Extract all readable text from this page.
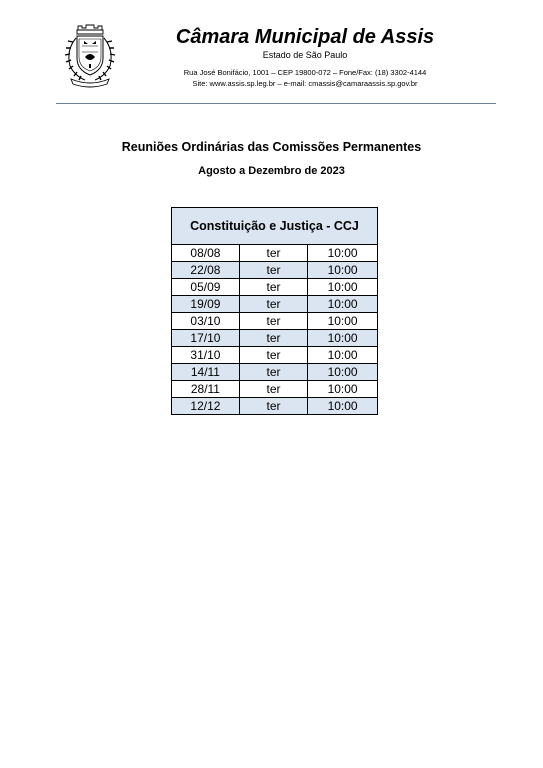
Câmara Municipal de Assis
Estado de São Paulo
Rua José Bonifácio, 1001 – CEP 19800-072 – Fone/Fax: (18) 3302-4144
Site: www.assis.sp.leg.br – e-mail: cmassis@camaraassis.sp.gov.br
Reuniões Ordinárias das Comissões Permanentes
Agosto a Dezembro de 2023
Constituição e Justiça - CCJ		
08/08	ter	10:00
22/08	ter	10:00
05/09	ter	10:00
19/09	ter	10:00
03/10	ter	10:00
17/10	ter	10:00
31/10	ter	10:00
14/11	ter	10:00
28/11	ter	10:00
12/12	ter	10:00
